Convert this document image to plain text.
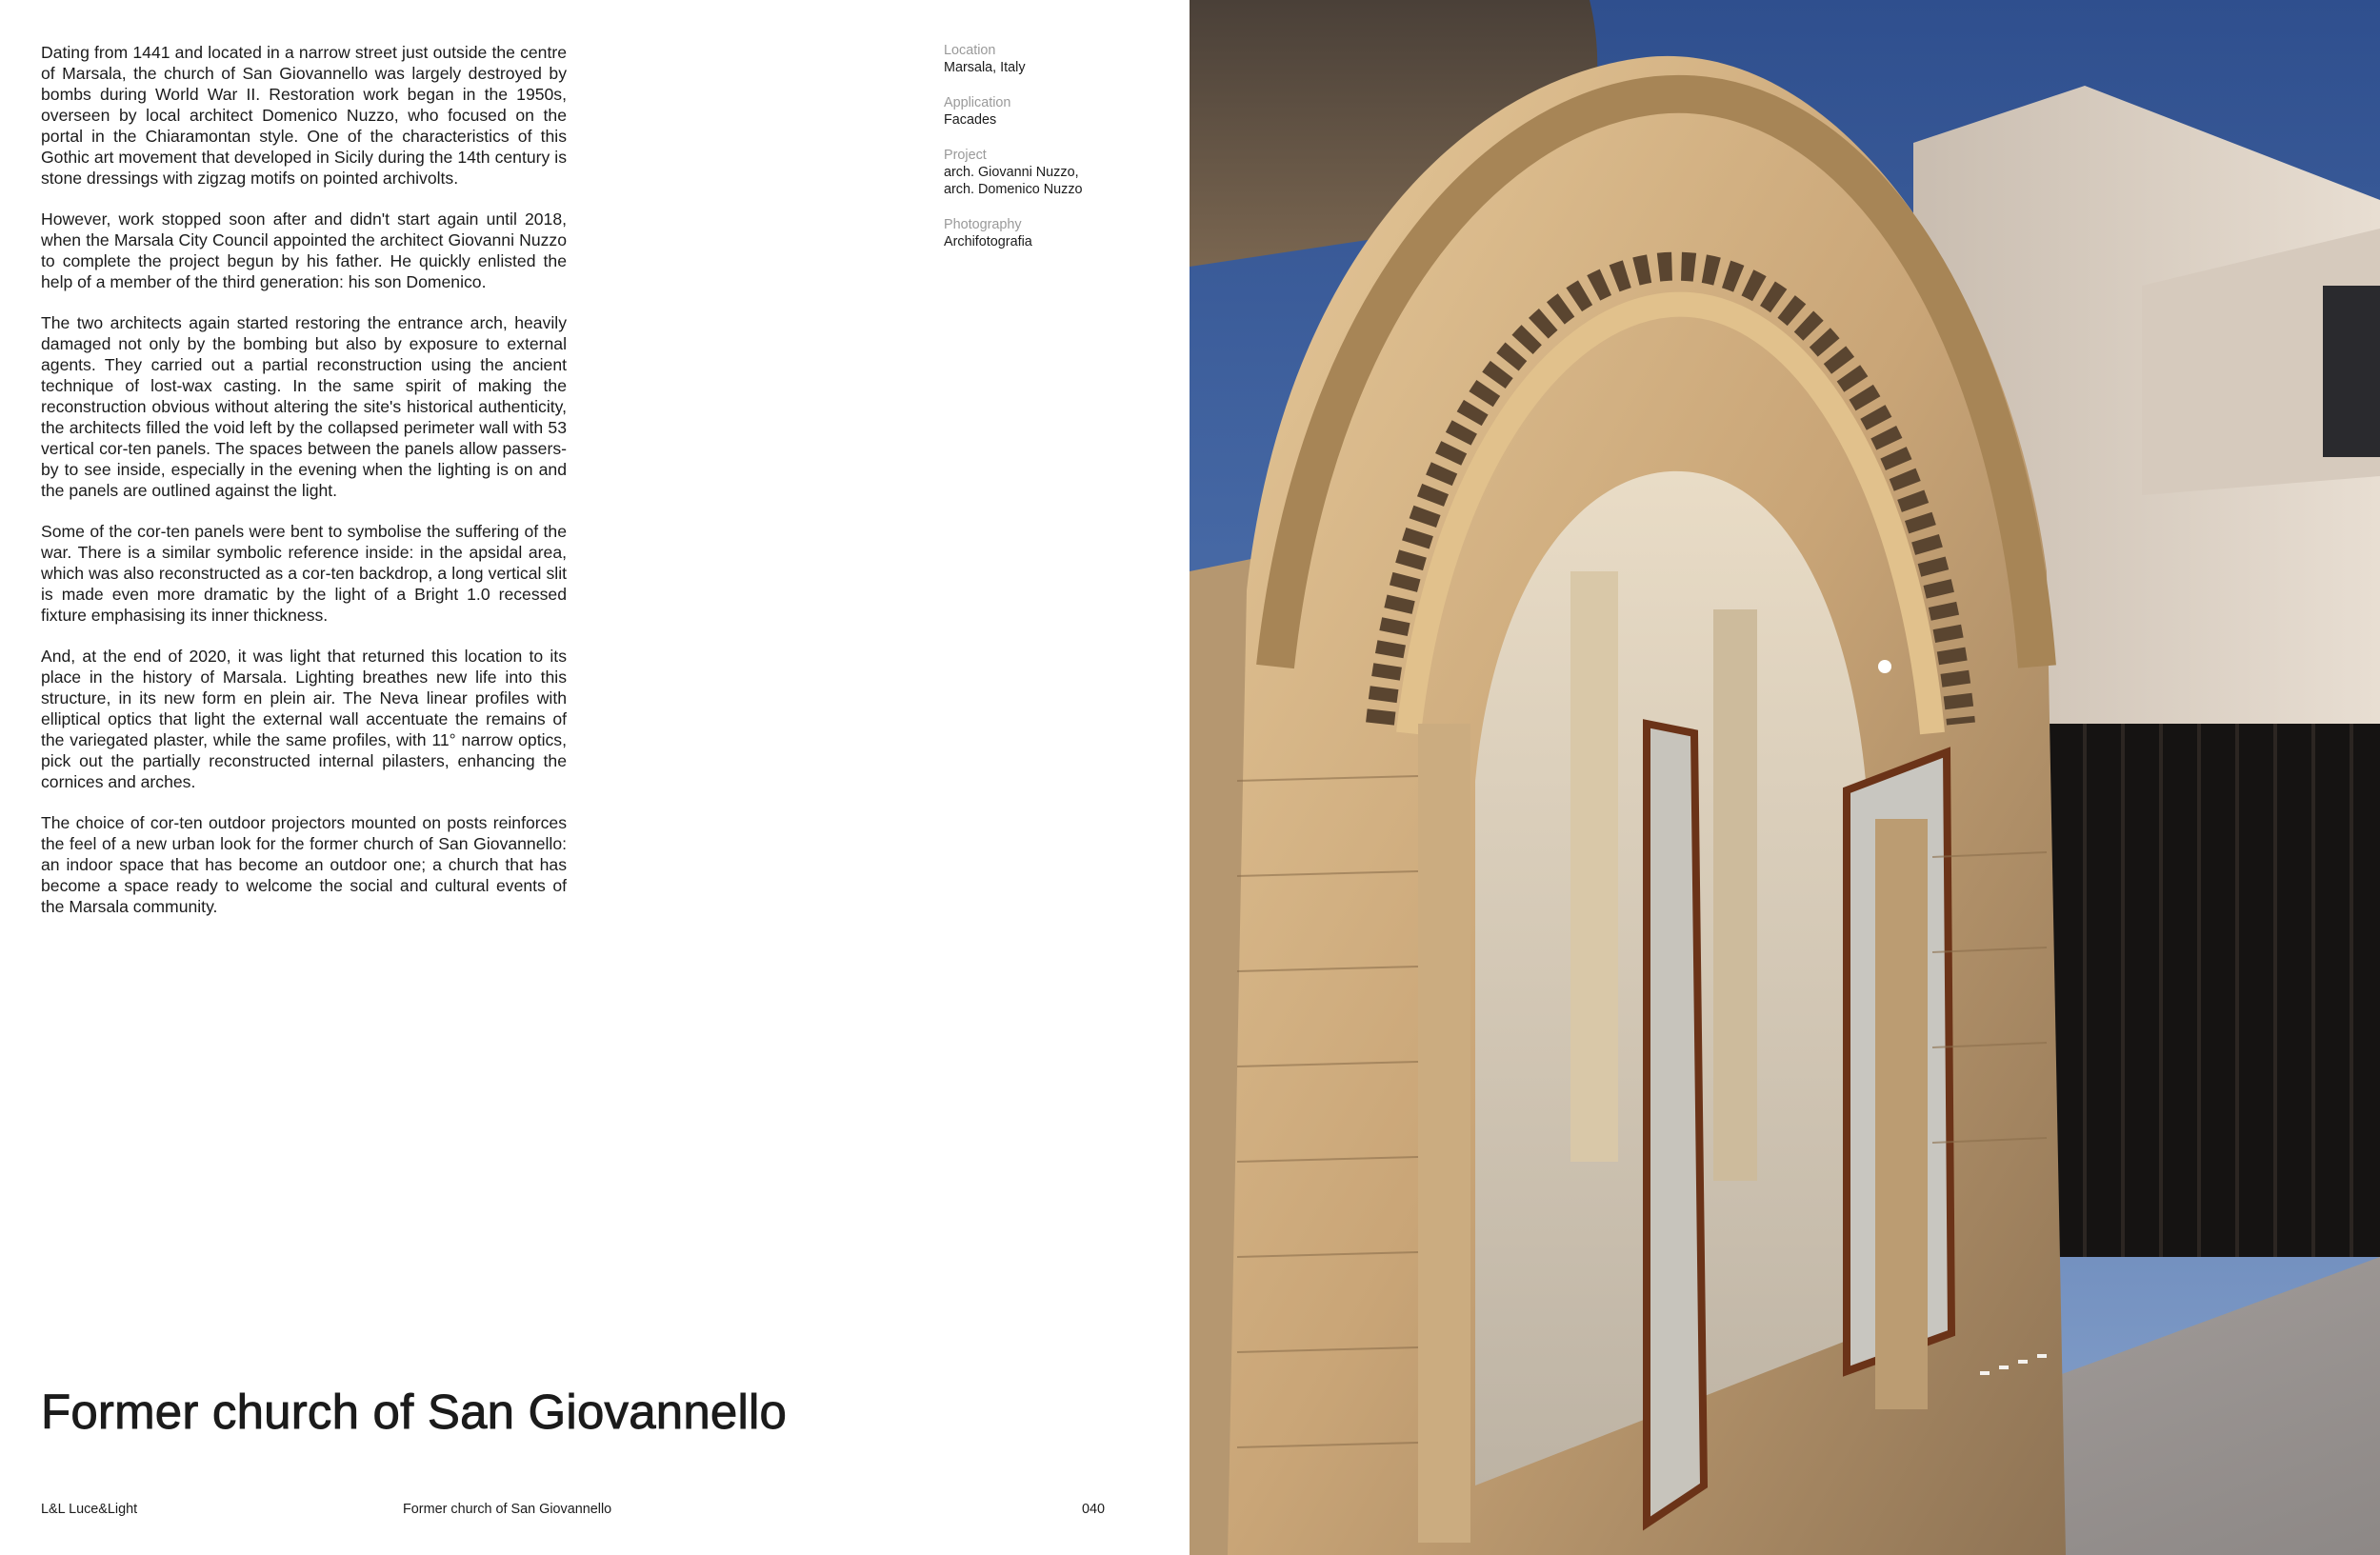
Dating from 1441 and located in a narrow street just outside the centre of Marsala, the church of San Giovannello was largely destroyed by bombs during World War II. Restoration work began in the 1950s, overseen by local architect Domenico Nuzzo, who focused on the portal in the Chiaramontan style. One of the characteristics of this Gothic art movement that developed in Sicily during the 14th century is stone dressings with zigzag motifs on pointed archivolts.

However, work stopped soon after and didn't start again until 2018, when the Marsala City Council appointed the architect Giovanni Nuzzo to complete the project begun by his father. He quickly enlisted the help of a member of the third generation: his son Domenico.

The two architects again started restoring the entrance arch, heavily damaged not only by the bombing but also by exposure to external agents. They carried out a partial reconstruction using the ancient technique of lost-wax casting. In the same spirit of making the reconstruction obvious without altering the site's historical authenticity, the architects filled the void left by the collapsed perimeter wall with 53 vertical cor-ten panels. The spaces between the panels allow passers-by to see inside, especially in the evening when the lighting is on and the panels are outlined against the light.

Some of the cor-ten panels were bent to symbolise the suffering of the war. There is a similar symbolic reference inside: in the apsidal area, which was also reconstructed as a cor-ten backdrop, a long vertical slit is made even more dramatic by the light of a Bright 1.0 recessed fixture emphasising its inner thickness.

And, at the end of 2020, it was light that returned this location to its place in the history of Marsala. Lighting breathes new life into this structure, in its new form en plein air. The Neva linear profiles with elliptical optics that light the external wall accentuate the remains of the variegated plaster, while the same profiles, with 11° narrow optics, pick out the partially reconstructed internal pilasters, enhancing the cornices and arches.

The choice of cor-ten outdoor projectors mounted on posts reinforces the feel of a new urban look for the former church of San Giovannello: an indoor space that has become an outdoor one; a church that has become a space ready to welcome the social and cultural events of the Marsala community.

Location
Marsala, Italy
Application
Facades
Project
arch. Giovanni Nuzzo,
arch. Domenico Nuzzo
Photography
Archifotografia
Former church of San Giovannello
L&L Luce&Light	Former church of San Giovannello	040
